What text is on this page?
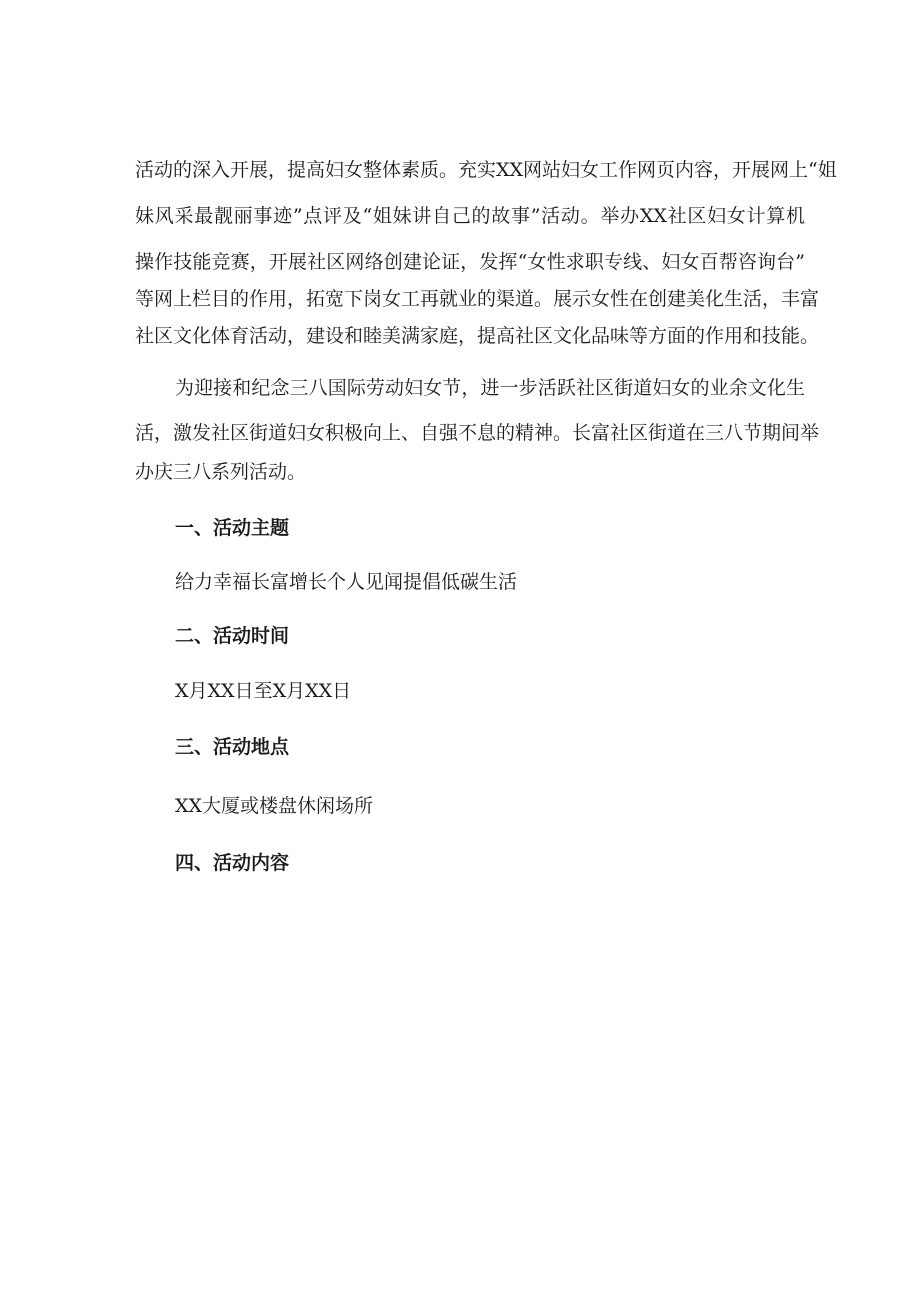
活动的深入开展，提高妇女整体素质。充实XX网站妇女工作网页内容，开展网上“姐
妹风采最靓丽事迹”点评及“姐妹讲自己的故事”活动。举办XX社区妇女计算机
操作技能竞赛，开展社区网络创建论证，发挥“女性求职专线、妇女百帮咨询台”
等网上栏目的作用，拓宽下岗女工再就业的渠道。展示女性在创建美化生活，丰富
社区文化体育活动，建设和睦美满家庭，提高社区文化品味等方面的作用和技能。
为迎接和纪念三八国际劳动妇女节，进一步活跃社区街道妇女的业余文化生
活，激发社区街道妇女积极向上、自强不息的精神。长富社区街道在三八节期间举
办庆三八系列活动。
一、活动主题
给力幸福长富增长个人见闻提倡低碳生活
二、活动时间
X月XX日至X月XX日
三、活动地点
XX大厦或楼盘休闲场所
四、活动内容
